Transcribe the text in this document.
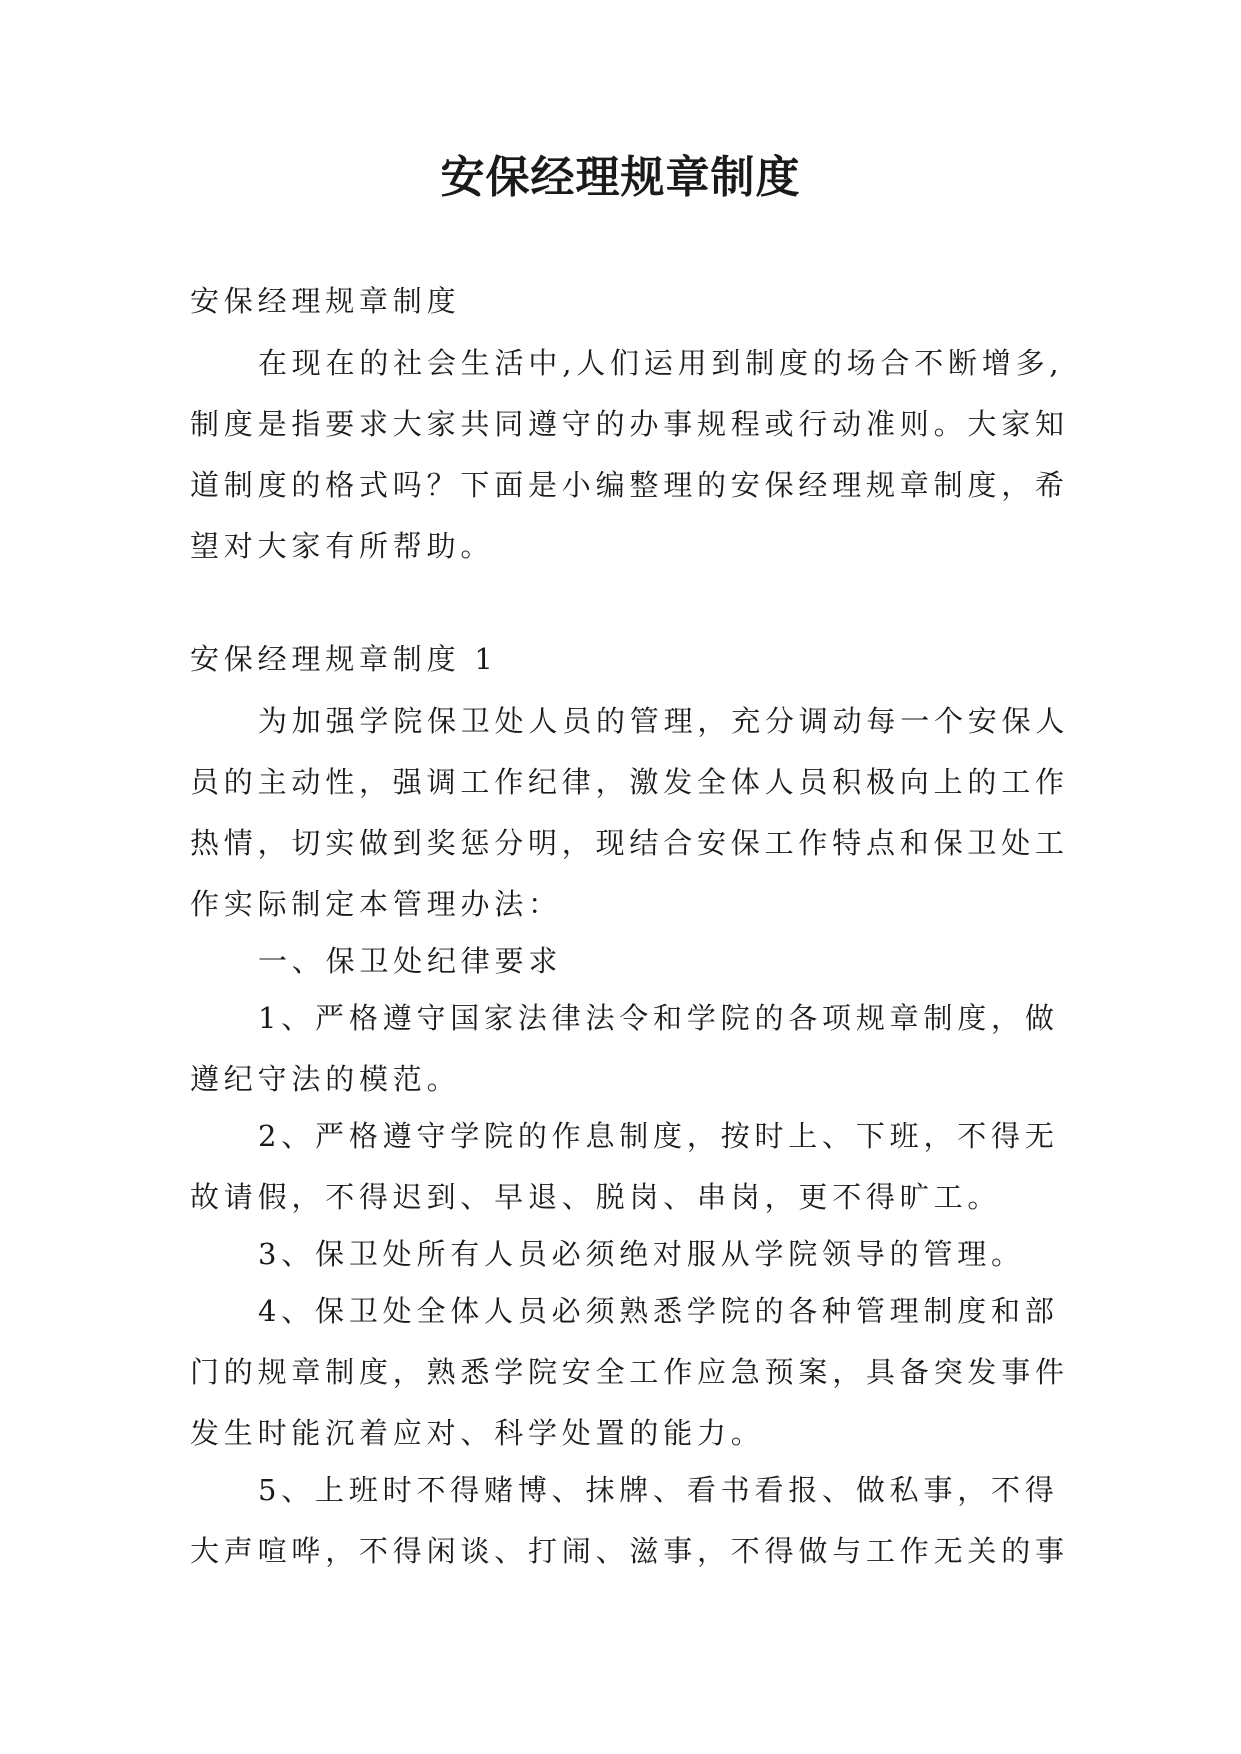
安保经理规章制度
安保经理规章制度
在现在的社会生活中,人们运用到制度的场合不断增多,
制度是指要求大家共同遵守的办事规程或行动准则。大家知
道制度的格式吗？下面是小编整理的安保经理规章制度，希
望对大家有所帮助。
安保经理规章制度 1
为加强学院保卫处人员的管理，充分调动每一个安保人
员的主动性，强调工作纪律，激发全体人员积极向上的工作
热情，切实做到奖惩分明，现结合安保工作特点和保卫处工
作实际制定本管理办法：
一、保卫处纪律要求
1、严格遵守国家法律法令和学院的各项规章制度，做
遵纪守法的模范。
2、严格遵守学院的作息制度，按时上、下班，不得无
故请假，不得迟到、早退、脱岗、串岗，更不得旷工。
3、保卫处所有人员必须绝对服从学院领导的管理。
4、保卫处全体人员必须熟悉学院的各种管理制度和部
门的规章制度，熟悉学院安全工作应急预案，具备突发事件
发生时能沉着应对、科学处置的能力。
5、上班时不得赌博、抹牌、看书看报、做私事，不得
大声喧哗，不得闲谈、打闹、滋事，不得做与工作无关的事
